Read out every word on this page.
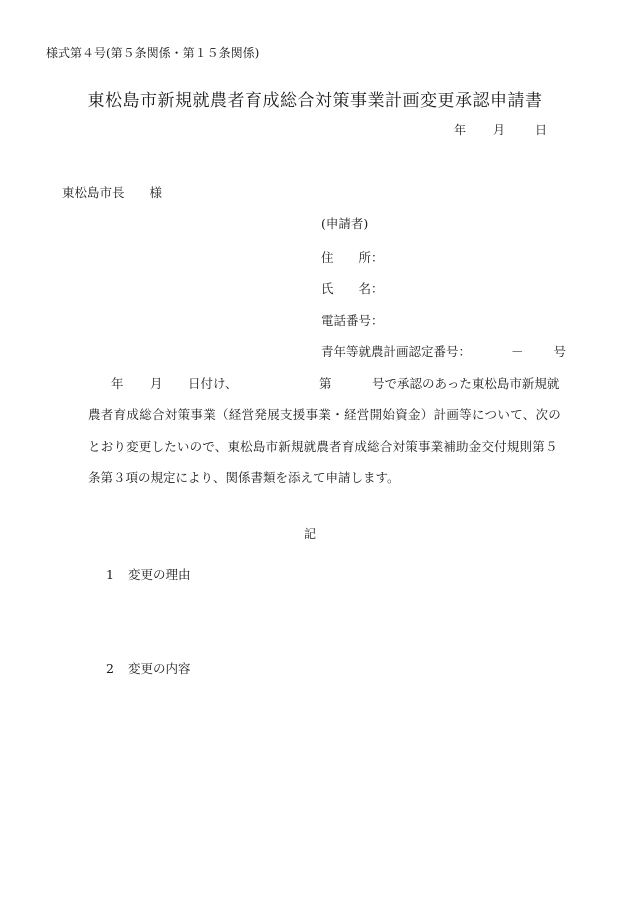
様式第４号(第５条関係・第１５条関係)
東松島市新規就農者育成総合対策事業計画変更承認申請書
年 月 日
東松島市長　　様
(申請者)
住　　所：
氏　　名：
電話番号：
青年等就農計画認定番号：	－ 号
年 月 日付け、	第	号で承認のあった東松島市新規就
農者育成総合対策事業（経営発展支援事業・経営開始資金）計画等について、次の
とおり変更したいので、東松島市新規就農者育成総合対策事業補助金交付規則第５
条第３項の規定により、関係書類を添えて申請します。
記
1 変更の理由
2 変更の内容
